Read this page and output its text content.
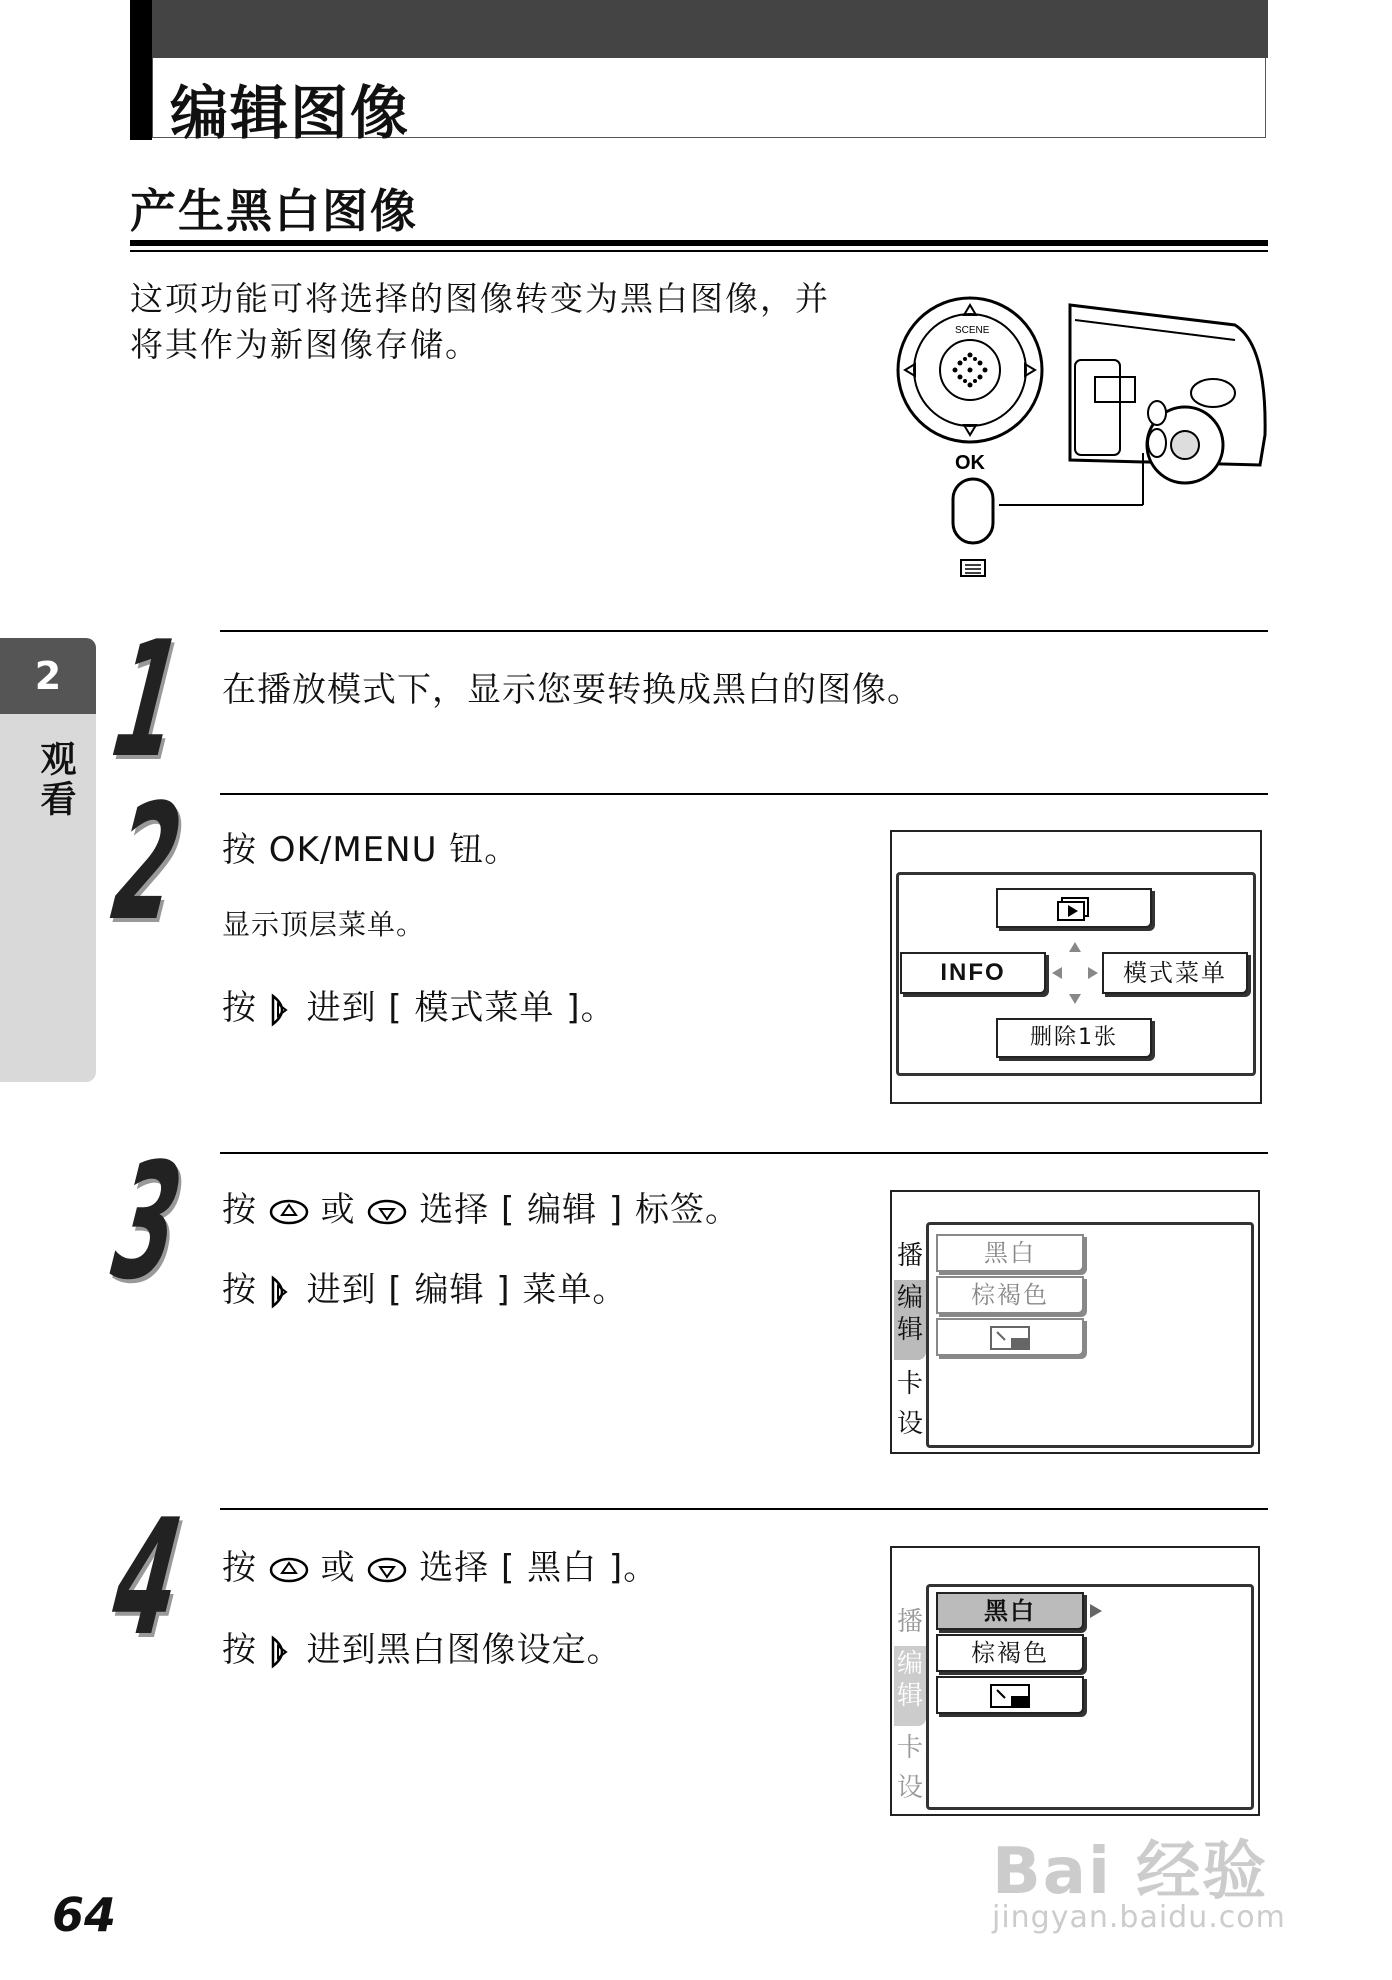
编辑图像
产生黑白图像
这项功能可将选择的图像转变为黑白图像，并
将其作为新图像存储。	SCENE
OK
2
观看 1 在播放模式下，显示您要转换成黑白的图像。
2 按 OK/MENU 钮。
显示顶层菜单。
按 进到 [ 模式菜单 ]。
INFO	模式菜单
删除1张
3 按 或 选择 [ 编辑 ] 标签。
按 进到 [ 编辑 ] 菜单。
播
编
辑
卡
设
黑白
棕褐色
4 按 或 选择 [ 黑白 ]。
按 进到黑白图像设定。
播
编
辑
卡
设
黑白
棕褐色
64
Bai 经验
jingyan.baidu.com
